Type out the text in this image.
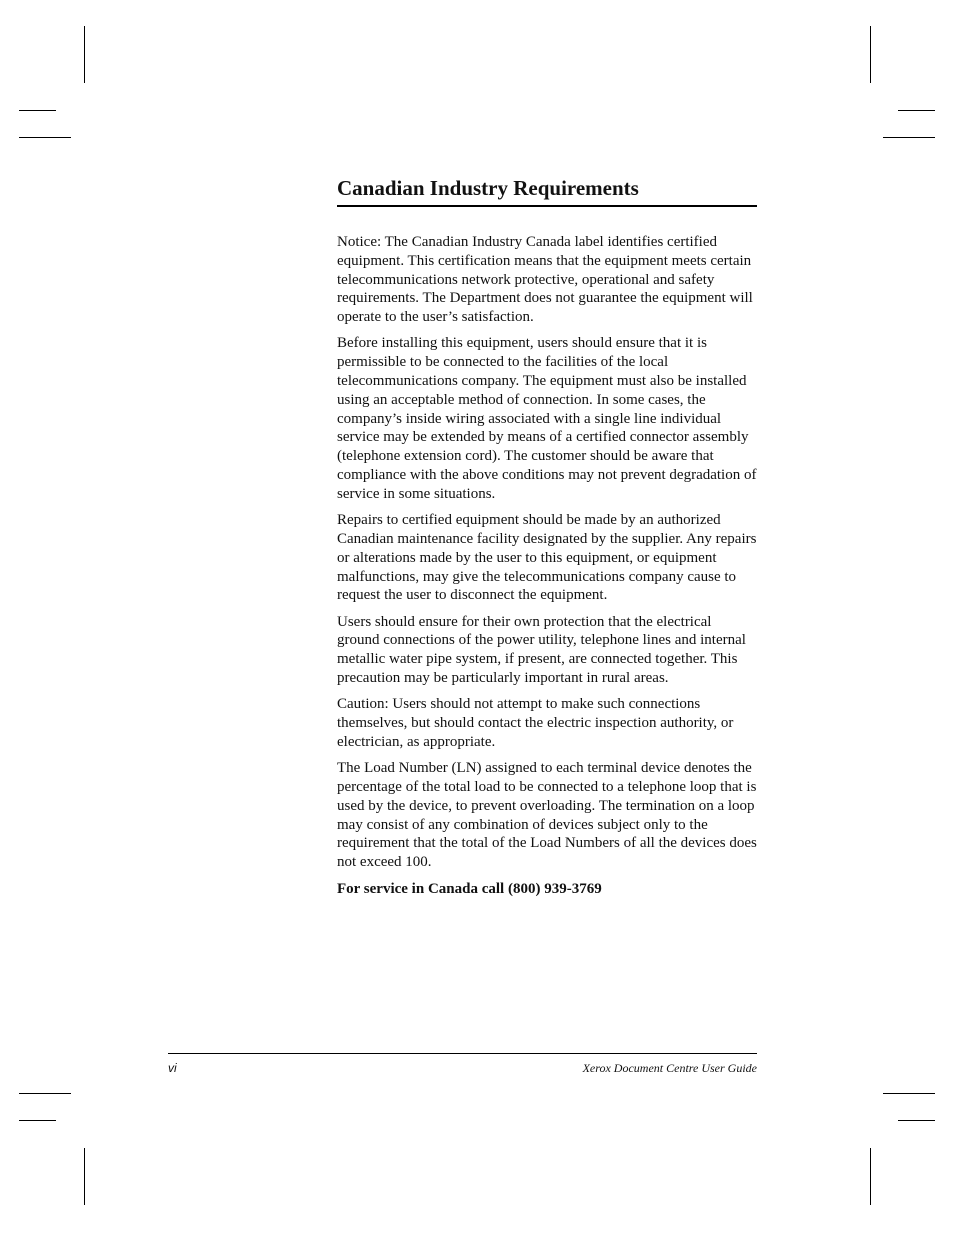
Canadian Industry Requirements

Notice: The Canadian Industry Canada label identifies certified equipment. This certification means that the equipment meets certain telecommunications network protective, operational and safety requirements. The Department does not guarantee the equipment will operate to the user’s satisfaction.

Before installing this equipment, users should ensure that it is permissible to be connected to the facilities of the local telecommunications company. The equipment must also be installed using an acceptable method of connection. In some cases, the company’s inside wiring associated with a single line individual service may be extended by means of a certified connector assembly (telephone extension cord). The customer should be aware that compliance with the above conditions may not prevent degradation of service in some situations.

Repairs to certified equipment should be made by an authorized Canadian maintenance facility designated by the supplier. Any repairs or alterations made by the user to this equipment, or equipment malfunctions, may give the telecommunications company cause to request the user to disconnect the equipment.

Users should ensure for their own protection that the electrical ground connections of the power utility, telephone lines and internal metallic water pipe system, if present, are connected together. This precaution may be particularly important in rural areas.

Caution: Users should not attempt to make such connections themselves, but should contact the electric inspection authority, or electrician, as appropriate.

The Load Number (LN) assigned to each terminal device denotes the percentage of the total load to be connected to a telephone loop that is used by the device, to prevent overloading. The termination on a loop may consist of any combination of devices subject only to the requirement that the total of the Load Numbers of all the devices does not exceed 100.

For service in Canada call (800) 939-3769

vi	Xerox Document Centre User Guide
